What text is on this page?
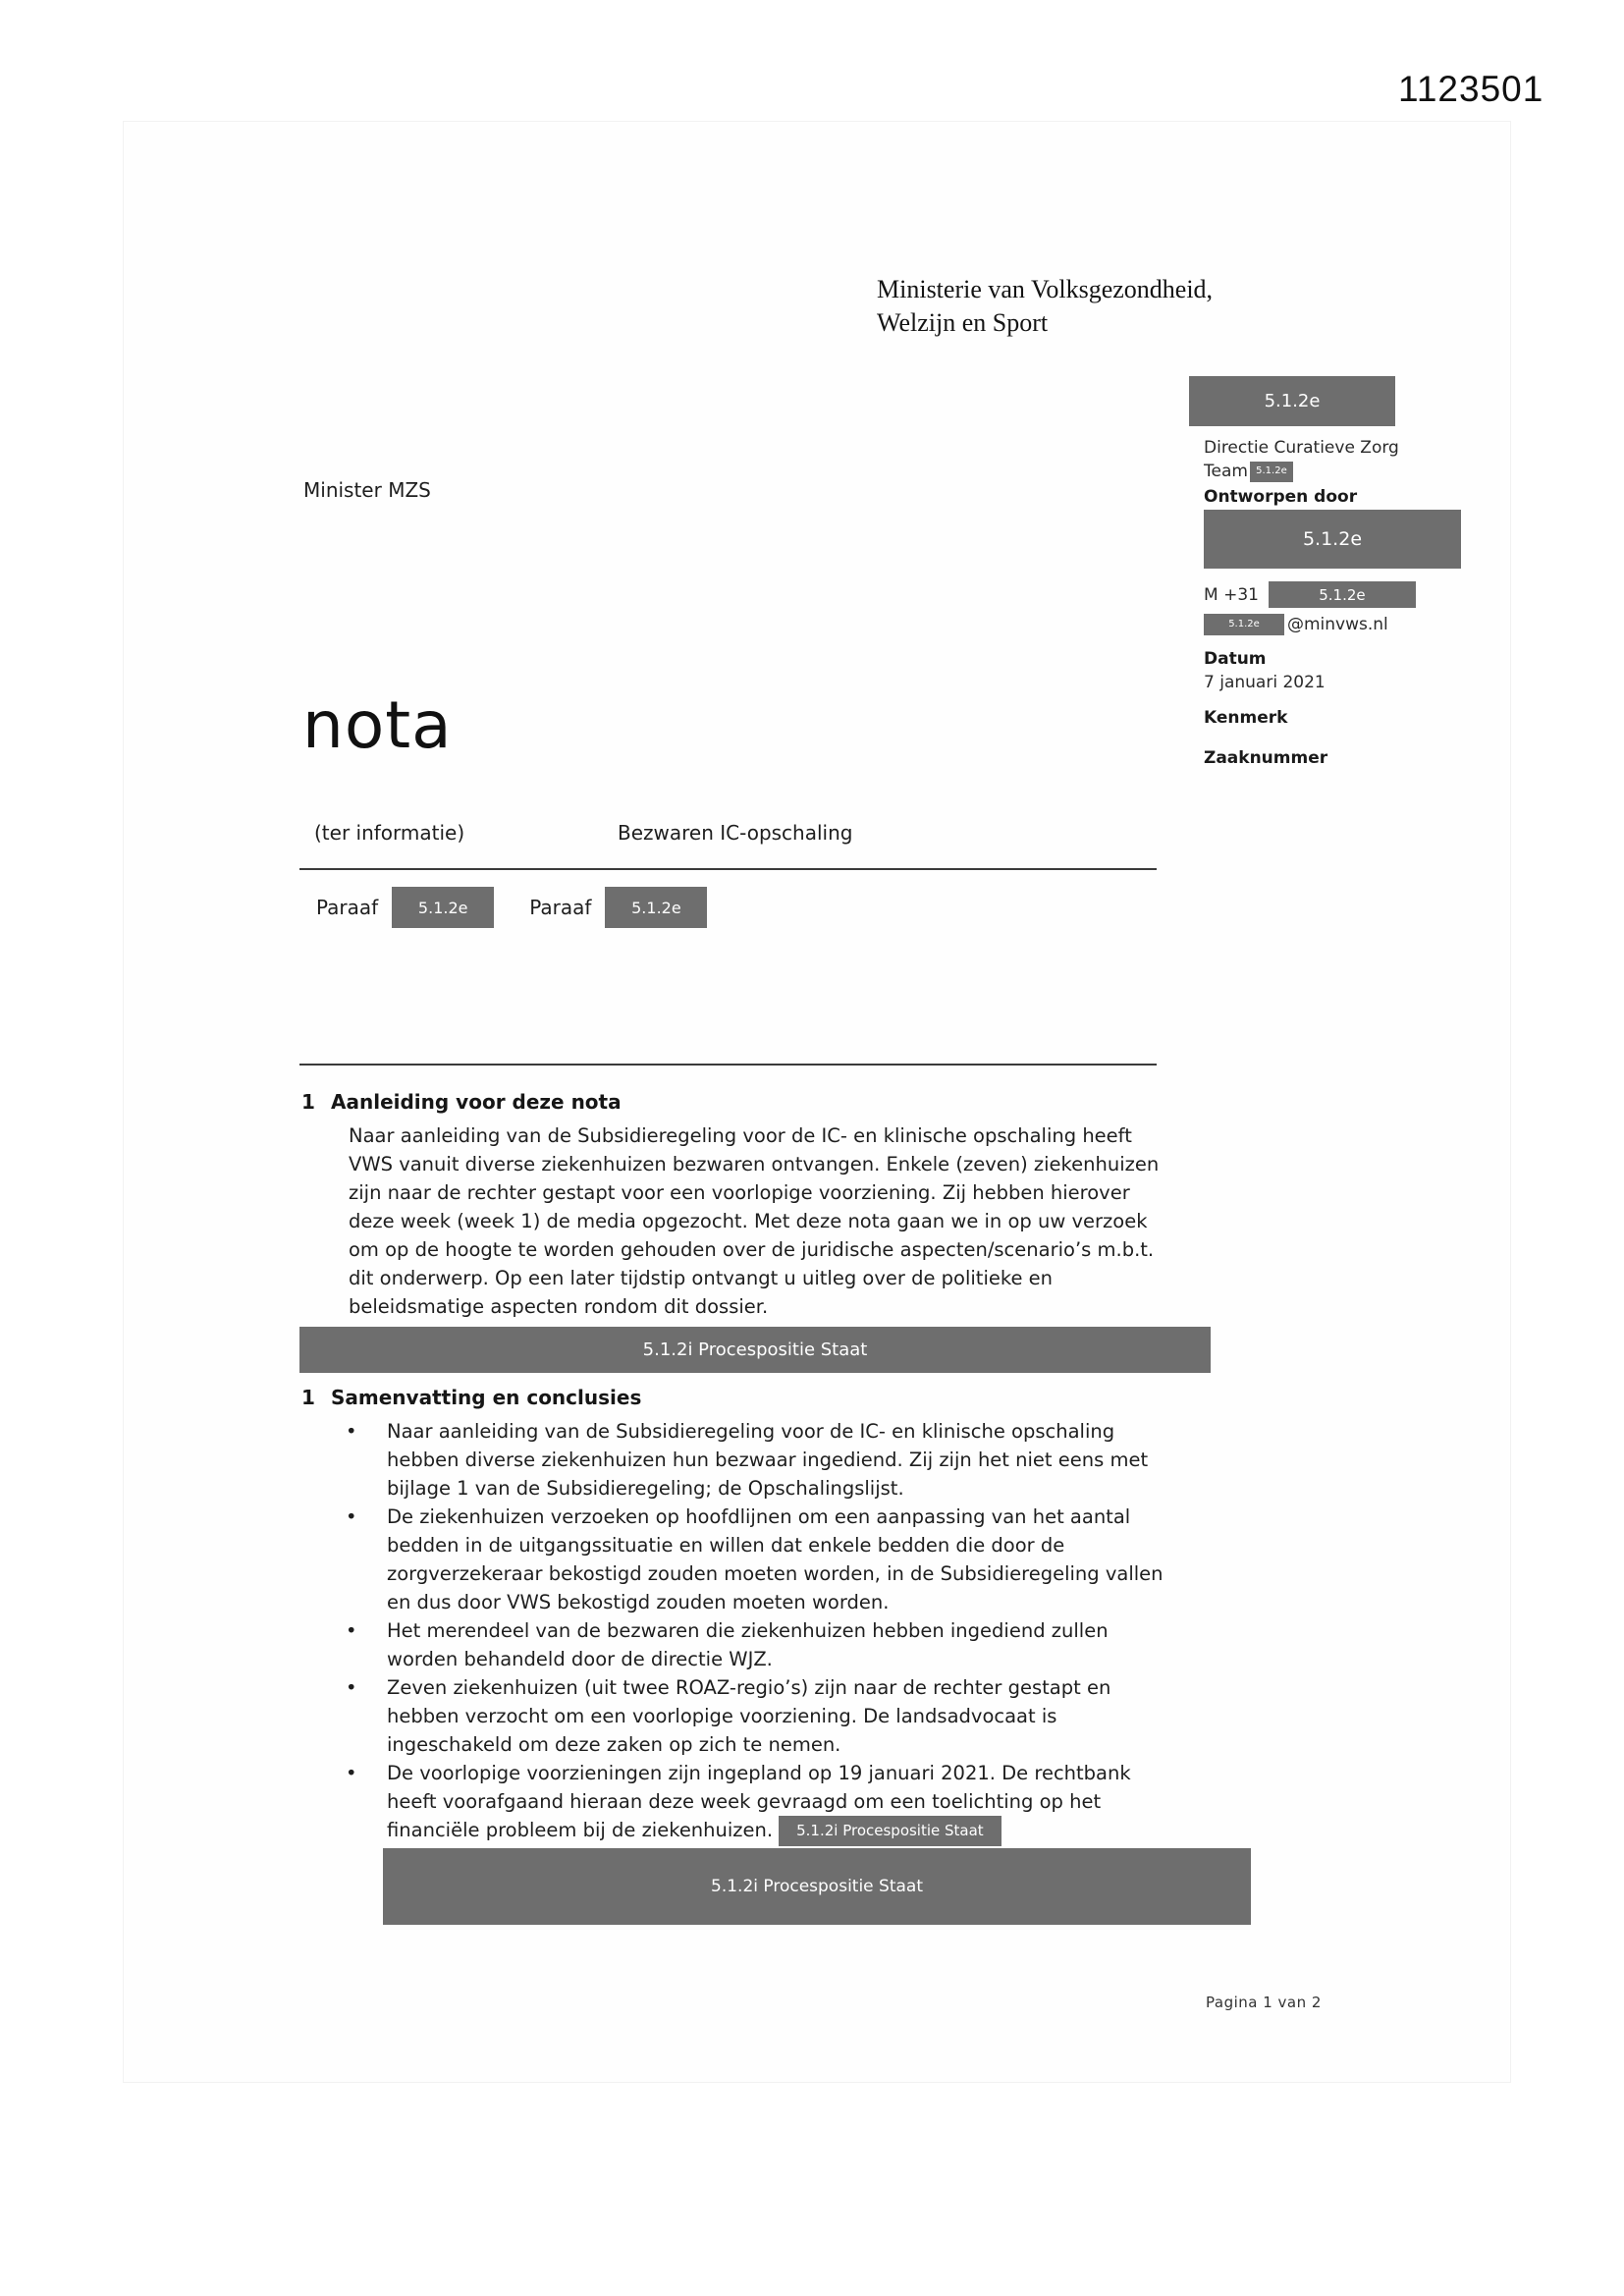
1123501
Ministerie van Volksgezondheid,
Welzijn en Sport
Minister MZS
5.1.2e
Directie Curatieve Zorg
Team 5.1.2e
Ontworpen door
5.1.2e
M +31	5.1.2e
5.1.2e	@minvws.nl
Datum
7 januari 2021
Kenmerk
Zaaknummer
nota
(ter informatie)	Bezwaren IC-opschaling
Paraaf	5.1.2e	Paraaf	5.1.2e
1 Aanleiding voor deze nota

Naar aanleiding van de Subsidieregeling voor de IC- en klinische opschaling heeft VWS vanuit diverse ziekenhuizen bezwaren ontvangen. Enkele (zeven) ziekenhuizen zijn naar de rechter gestapt voor een voorlopige voorziening. Zij hebben hierover deze week (week 1) de media opgezocht. Met deze nota gaan we in op uw verzoek om op de hoogte te worden gehouden over de juridische aspecten/scenario’s m.b.t. dit onderwerp. Op een later tijdstip ontvangt u uitleg over de politieke en beleidsmatige aspecten rondom dit dossier.

5.1.2i Procespositie Staat
1 Samenvatting en conclusies
• Naar aanleiding van de Subsidieregeling voor de IC- en klinische opschaling hebben diverse ziekenhuizen hun bezwaar ingediend. Zij zijn het niet eens met bijlage 1 van de Subsidieregeling; de Opschalingslijst.
• De ziekenhuizen verzoeken op hoofdlijnen om een aanpassing van het aantal bedden in de uitgangssituatie en willen dat enkele bedden die door de zorgverzekeraar bekostigd zouden moeten worden, in de Subsidieregeling vallen en dus door VWS bekostigd zouden moeten worden.
• Het merendeel van de bezwaren die ziekenhuizen hebben ingediend zullen worden behandeld door de directie WJZ.
• Zeven ziekenhuizen (uit twee ROAZ-regio’s) zijn naar de rechter gestapt en hebben verzocht om een voorlopige voorziening. De landsadvocaat is ingeschakeld om deze zaken op zich te nemen.
• De voorlopige voorzieningen zijn ingepland op 19 januari 2021. De rechtbank heeft voorafgaand hieraan deze week gevraagd om een toelichting op het financiële probleem bij de ziekenhuizen. 5.1.2i Procespositie Staat
5.1.2i Procespositie Staat
Pagina 1 van 2
